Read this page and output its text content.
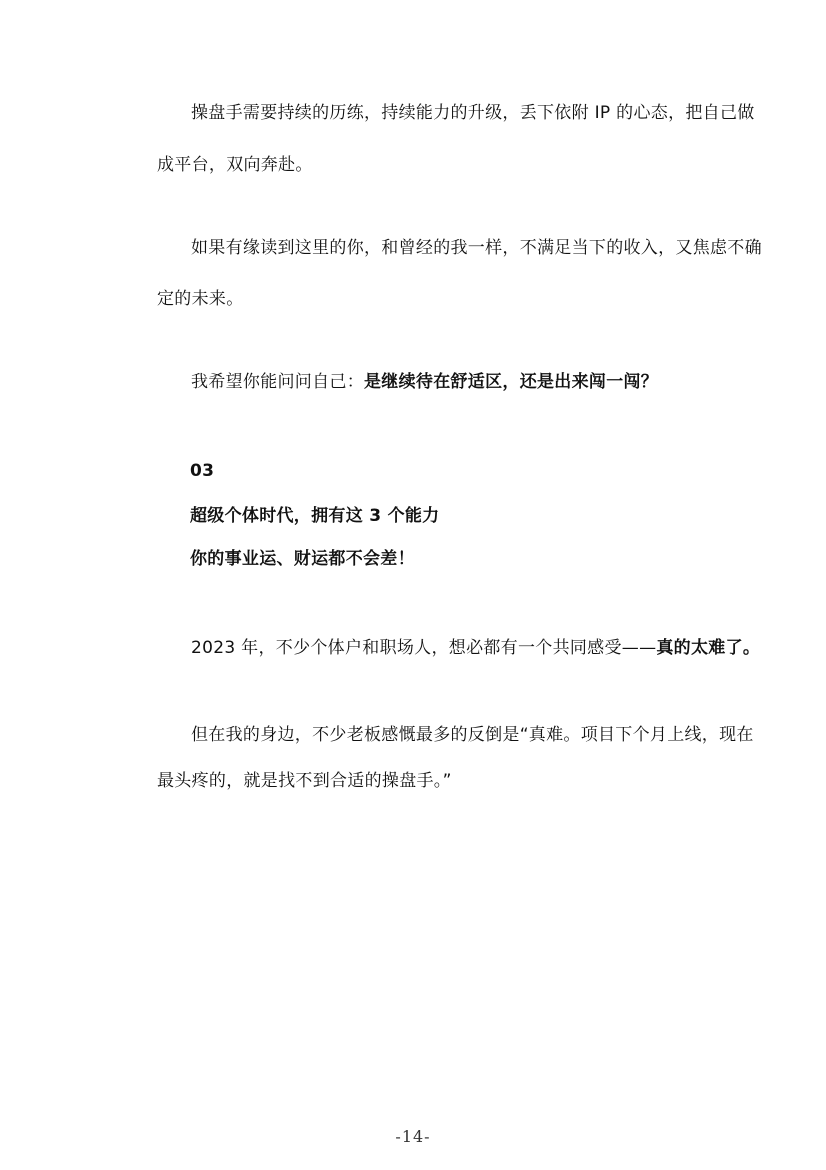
操盘手需要持续的历练，持续能力的升级，丢下依附 IP 的心态，把自己做
成平台，双向奔赴。
如果有缘读到这里的你，和曾经的我一样，不满足当下的收入，又焦虑不确
定的未来。
我希望你能问问自己：是继续待在舒适区，还是出来闯一闯？
03
超级个体时代，拥有这 3 个能力
你的事业运、财运都不会差！
2023 年，不少个体户和职场人，想必都有一个共同感受——真的太难了。
但在我的身边，不少老板感慨最多的反倒是“真难。项目下个月上线，现在
最头疼的，就是找不到合适的操盘手。”
-14-
